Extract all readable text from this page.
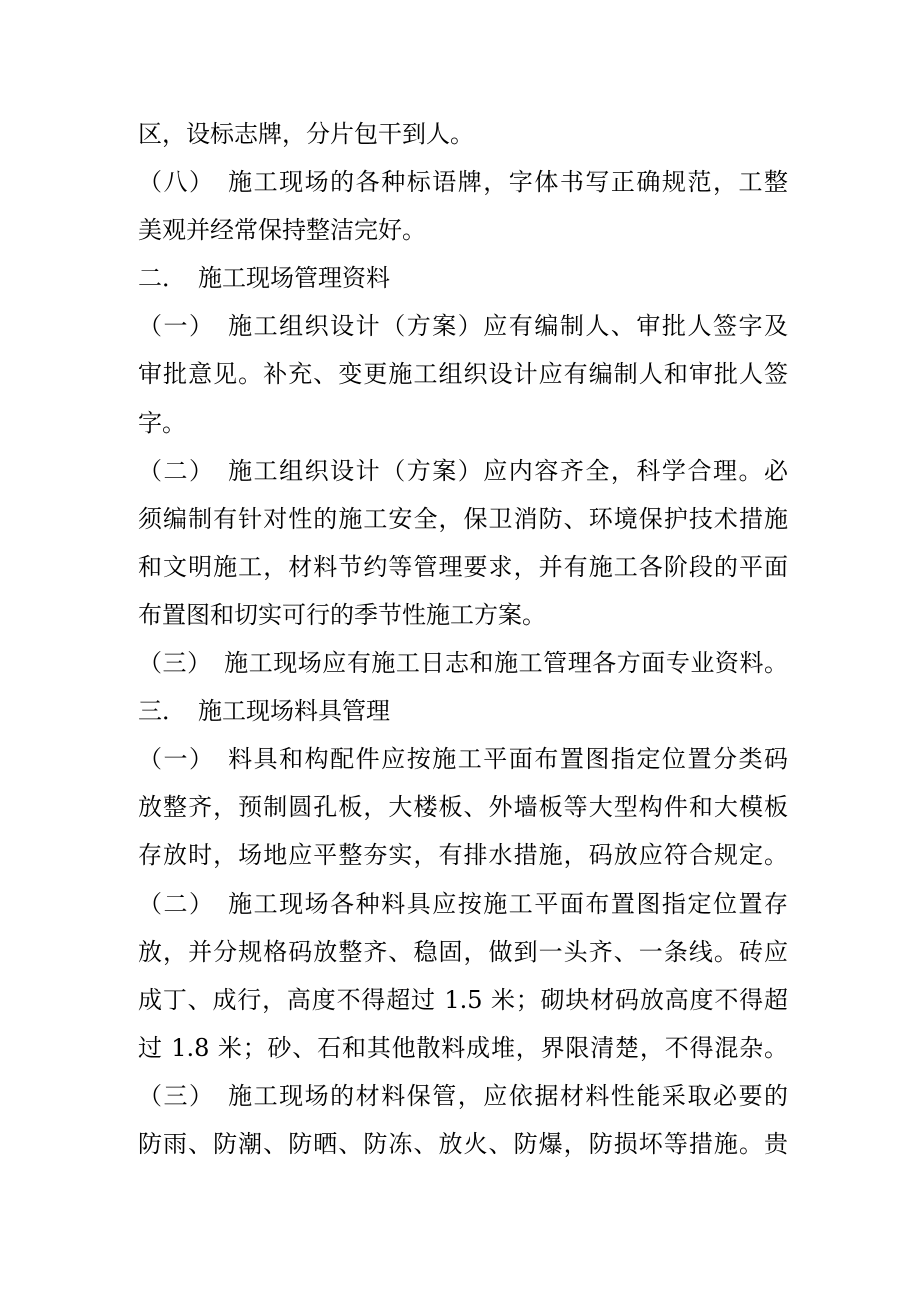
区，设标志牌，分片包干到人。
（八）　施工现场的各种标语牌，字体书写正确规范，工整
美观并经常保持整洁完好。
二．　施工现场管理资料
（一）　施工组织设计（方案）应有编制人、审批人签字及
审批意见。补充、变更施工组织设计应有编制人和审批人签
字。
（二）　施工组织设计（方案）应内容齐全，科学合理。必
须编制有针对性的施工安全，保卫消防、环境保护技术措施
和文明施工，材料节约等管理要求，并有施工各阶段的平面
布置图和切实可行的季节性施工方案。
（三）　施工现场应有施工日志和施工管理各方面专业资料。
三．　施工现场料具管理
（一）　料具和构配件应按施工平面布置图指定位置分类码
放整齐，预制圆孔板，大楼板、外墙板等大型构件和大模板
存放时，场地应平整夯实，有排水措施，码放应符合规定。
（二）　施工现场各种料具应按施工平面布置图指定位置存
放，并分规格码放整齐、稳固，做到一头齐、一条线。砖应
成丁、成行，高度不得超过 1.5 米；砌块材码放高度不得超
过 1.8 米；砂、石和其他散料成堆，界限清楚，不得混杂。
（三）　施工现场的材料保管，应依据材料性能采取必要的
防雨、防潮、防晒、防冻、放火、防爆，防损坏等措施。贵
